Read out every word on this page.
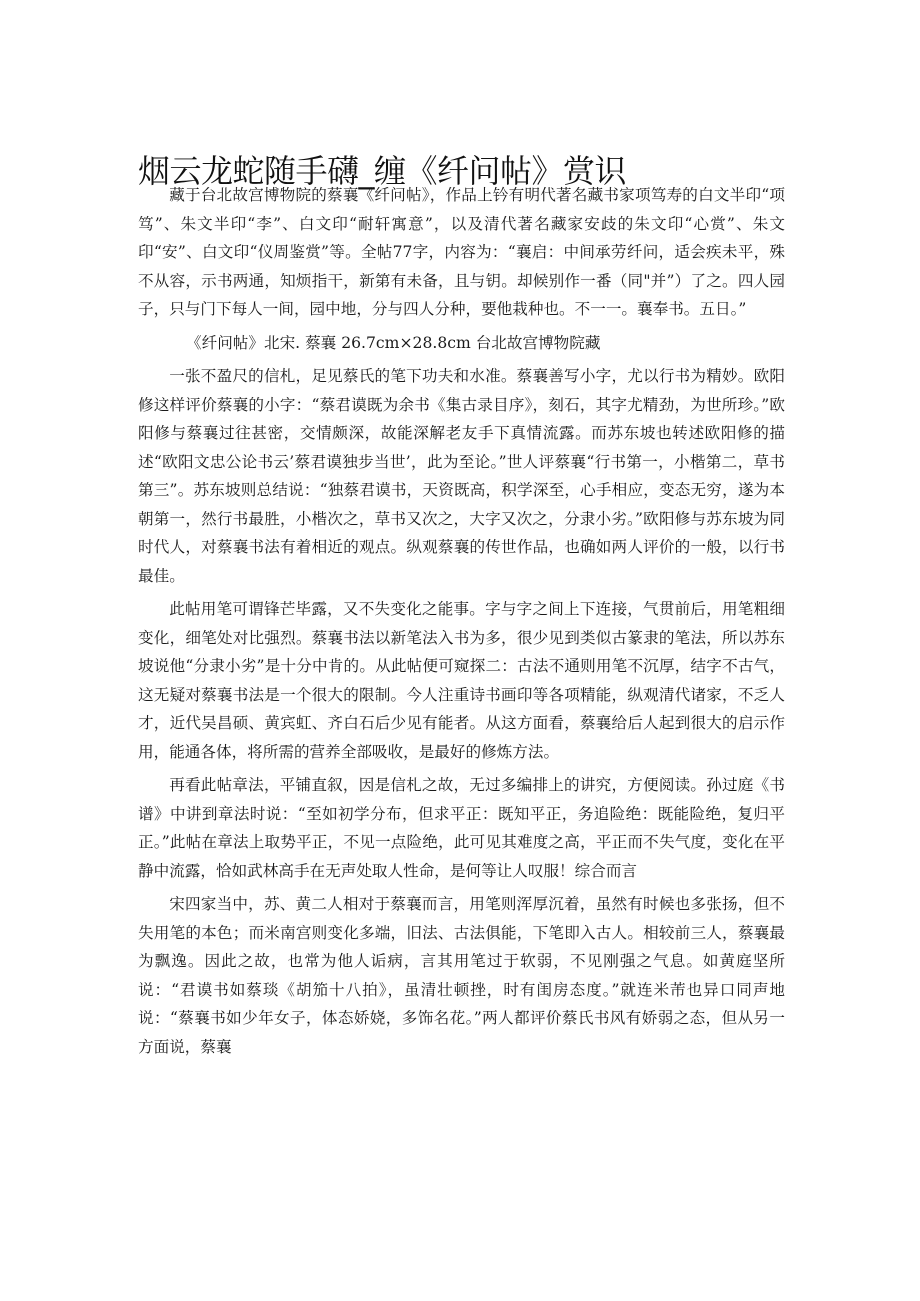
烟云龙蛇随手礴_缠《纤问帖》赏识

藏于台北故宫博物院的蔡襄《纤问帖》，作品上钤有明代著名藏书家项笃寿的白文半印“项笃”、朱文半印“李”、白文印“耐轩寓意”，以及清代著名藏家安歧的朱文印“心赏”、朱文印“安”、白文印“仪周鉴赏”等。全帖77字，内容为：“襄启：中间承劳纤问，适会疾未平，殊不从容，示书两通，知烦指干，新第有未备，且与钥。却候别作一番（同"并”）了之。四人园子，只与门下每人一间，园中地，分与四人分种，要他栽种也。不一一。襄奉书。五日。”

《纤问帖》北宋. 蔡襄 26.7cm×28.8cm 台北故宫博物院藏

一张不盈尺的信札，足见蔡氏的笔下功夫和水准。蔡襄善写小字，尤以行书为精妙。欧阳修这样评价蔡襄的小字：“蔡君谟既为余书《集古录目序》，刻石，其字尤精劲，为世所珍。”欧阳修与蔡襄过往甚密，交情颇深，故能深解老友手下真情流露。而苏东坡也转述欧阳修的描述“欧阳文忠公论书云’蔡君谟独步当世’，此为至论。”世人评蔡襄“行书第一，小楷第二，草书第三”。苏东坡则总结说：“独蔡君谟书，天资既高，积学深至，心手相应，变态无穷，遂为本朝第一，然行书最胜，小楷次之，草书又次之，大字又次之，分隶小劣。”欧阳修与苏东坡为同时代人，对蔡襄书法有着相近的观点。纵观蔡襄的传世作品，也确如两人评价的一般，以行书最佳。

此帖用笔可谓锋芒毕露，又不失变化之能事。字与字之间上下连接，气贯前后，用笔粗细变化，细笔处对比强烈。蔡襄书法以新笔法入书为多，很少见到类似古篆隶的笔法，所以苏东坡说他“分隶小劣”是十分中肯的。从此帖便可窥探二：古法不通则用笔不沉厚，结字不古气，这无疑对蔡襄书法是一个很大的限制。今人注重诗书画印等各项精能，纵观清代诸家，不乏人才，近代吴昌硕、黄宾虹、齐白石后少见有能者。从这方面看，蔡襄给后人起到很大的启示作用，能通各体，将所需的营养全部吸收，是最好的修炼方法。

再看此帖章法，平铺直叙，因是信札之故，无过多编排上的讲究，方便阅读。孙过庭《书谱》中讲到章法时说：“至如初学分布，但求平正：既知平正，务追险绝：既能险绝，复归平正。”此帖在章法上取势平正，不见一点险绝，此可见其难度之高，平正而不失气度，变化在平静中流露，恰如武林高手在无声处取人性命，是何等让人叹服！综合而言

宋四家当中，苏、黄二人相对于蔡襄而言，用笔则浑厚沉着，虽然有时候也多张扬，但不失用笔的本色；而米南宫则变化多端，旧法、古法俱能，下笔即入古人。相较前三人，蔡襄最为飘逸。因此之故，也常为他人诟病，言其用笔过于软弱，不见刚强之气息。如黄庭坚所说：“君谟书如蔡琰《胡笳十八拍》，虽清壮顿挫，时有闺房态度。”就连米芾也异口同声地说：“蔡襄书如少年女子，体态娇娆，多饰名花。”两人都评价蔡氏书风有娇弱之态，但从另一方面说，蔡襄
